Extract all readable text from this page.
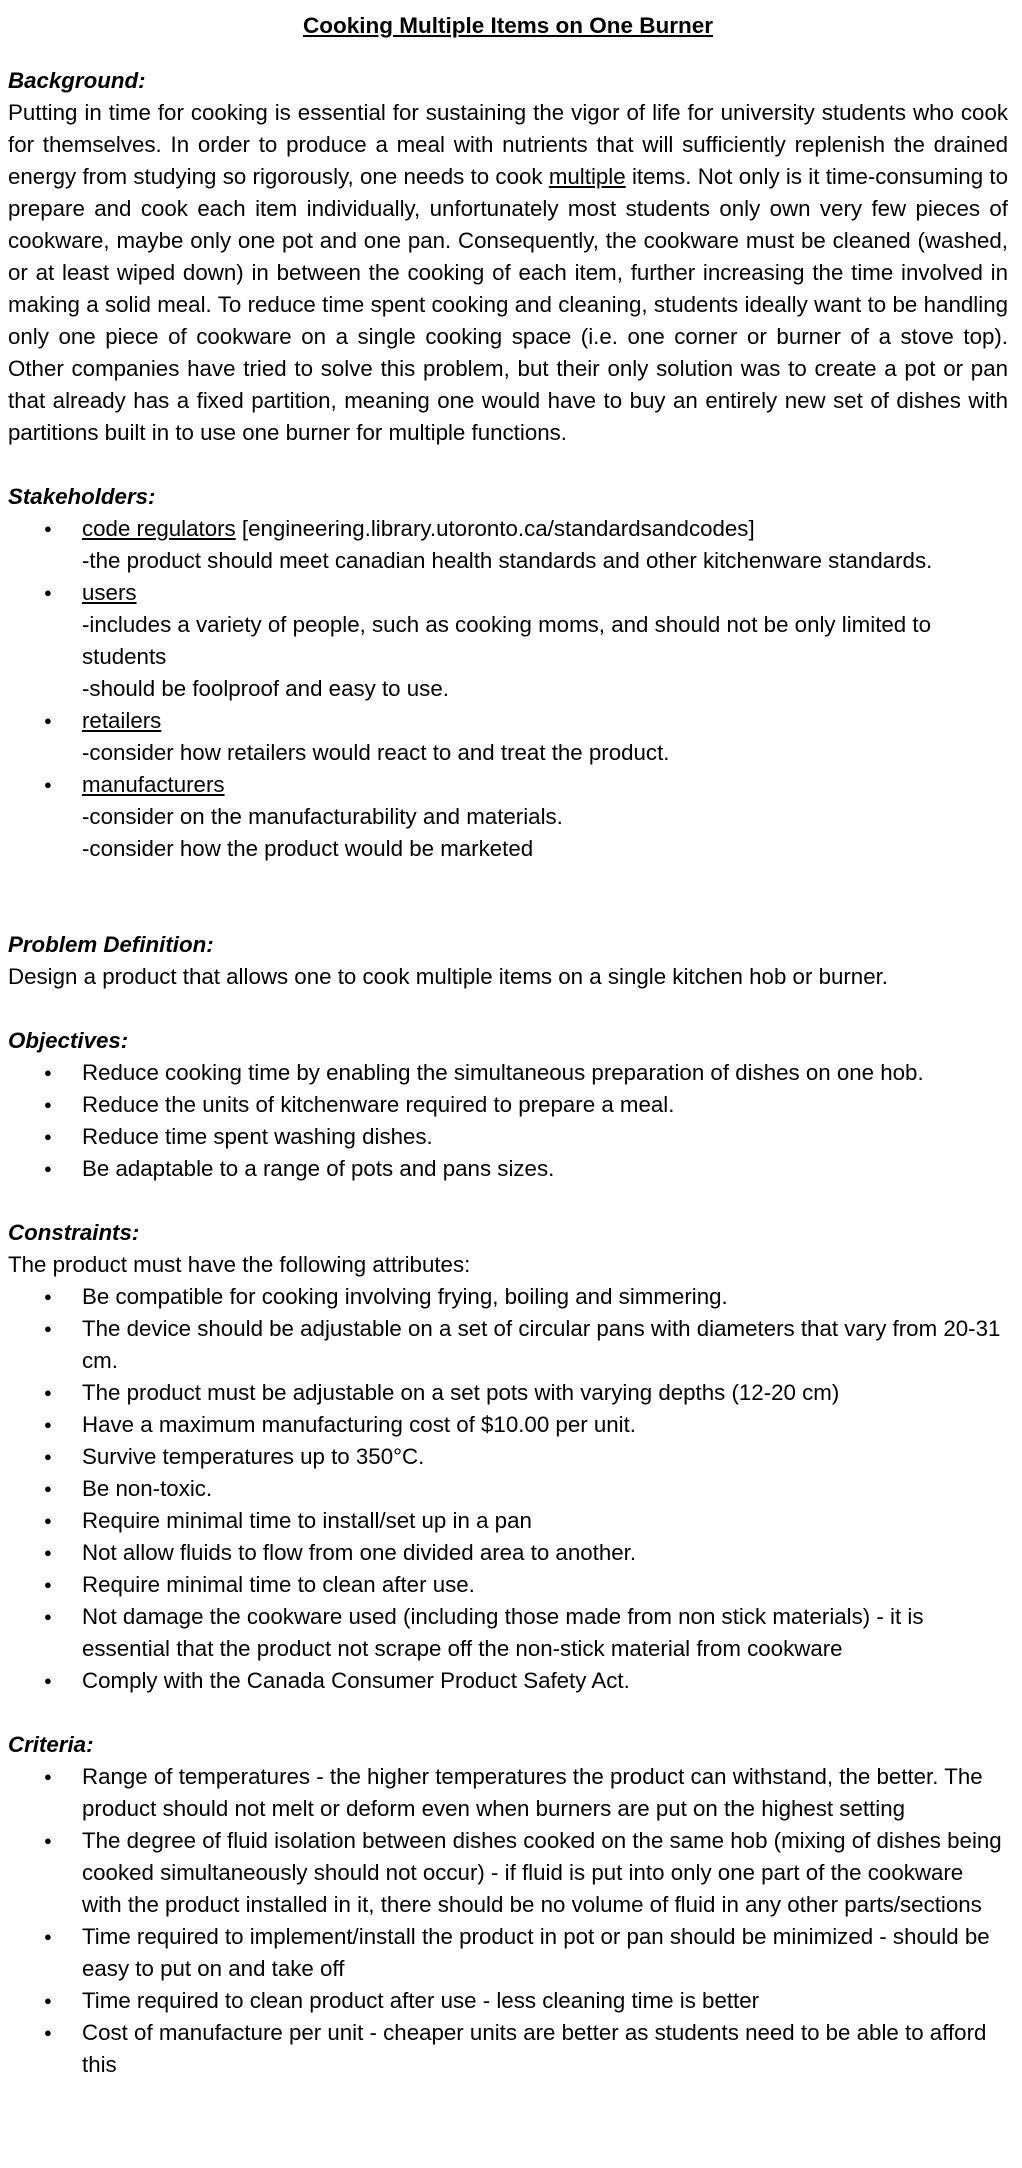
Cooking Multiple Items on One Burner

Background:

Putting in time for cooking is essential for sustaining the vigor of life for university students who cook for themselves. In order to produce a meal with nutrients that will sufficiently replenish the drained energy from studying so rigorously, one needs to cook multiple items. Not only is it time-consuming to prepare and cook each item individually, unfortunately most students only own very few pieces of cookware, maybe only one pot and one pan. Consequently, the cookware must be cleaned (washed, or at least wiped down) in between the cooking of each item, further increasing the time involved in making a solid meal. To reduce time spent cooking and cleaning, students ideally want to be handling only one piece of cookware on a single cooking space (i.e. one corner or burner of a stove top). Other companies have tried to solve this problem, but their only solution was to create a pot or pan that already has a fixed partition, meaning one would have to buy an entirely new set of dishes with partitions built in to use one burner for multiple functions.

Stakeholders:

● code regulators [engineering.library.utoronto.ca/standardsandcodes]
-the product should meet canadian health standards and other kitchenware standards.
● users
-includes a variety of people, such as cooking moms, and should not be only limited to students
-should be foolproof and easy to use.
● retailers
-consider how retailers would react to and treat the product.
● manufacturers
-consider on the manufacturability and materials.
-consider how the product would be marketed

Problem Definition:

Design a product that allows one to cook multiple items on a single kitchen hob or burner.

Objectives:

● Reduce cooking time by enabling the simultaneous preparation of dishes on one hob.
● Reduce the units of kitchenware required to prepare a meal.
● Reduce time spent washing dishes.
● Be adaptable to a range of pots and pans sizes.

Constraints:

The product must have the following attributes:

● Be compatible for cooking involving frying, boiling and simmering.
● The device should be adjustable on a set of circular pans with diameters that vary from 20-31 cm.
● The product must be adjustable on a set pots with varying depths (12-20 cm)
● Have a maximum manufacturing cost of $10.00 per unit.
● Survive temperatures up to 350°C.
● Be non-toxic.
● Require minimal time to install/set up in a pan
● Not allow fluids to flow from one divided area to another.
● Require minimal time to clean after use.
● Not damage the cookware used (including those made from non stick materials) - it is essential that the product not scrape off the non-stick material from cookware
● Comply with the Canada Consumer Product Safety Act.

Criteria:

● Range of temperatures - the higher temperatures the product can withstand, the better. The product should not melt or deform even when burners are put on the highest setting
● The degree of fluid isolation between dishes cooked on the same hob (mixing of dishes being cooked simultaneously should not occur) - if fluid is put into only one part of the cookware with the product installed in it, there should be no volume of fluid in any other parts/sections
● Time required to implement/install the product in pot or pan should be minimized - should be easy to put on and take off
● Time required to clean product after use - less cleaning time is better
● Cost of manufacture per unit - cheaper units are better as students need to be able to afford this
